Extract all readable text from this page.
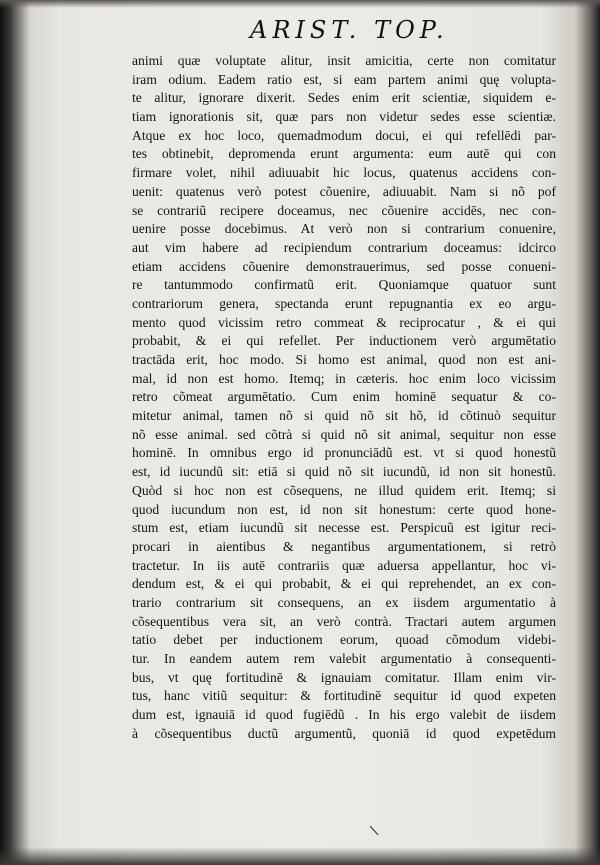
ARIST. TOP.
animi quæ voluptate alitur, insit amicitia, certe non comitatur
iram odium. Eadem ratio est, si eam partem animi quę volupta-
te alitur, ignorare dixerit. Sedes enim erit scientiæ, siquidem e-
tiam ignorationis sit, quæ pars non videtur sedes esse scientiæ.
Atque ex hoc loco, quemadmodum docui, ei qui refellēdi par-
tes obtinebit, depromenda erunt argumenta: eum autē qui con
firmare volet, nihil adiuuabit hic locus, quatenus accidens con-
uenit: quatenus verò potest cõuenire, adiuuabit. Nam si nõ pof
se contrariũ recipere doceamus, nec cõuenire accidēs, nec con-
uenire posse docebimus. At verò non si contrarium conuenire,
aut vim habere ad recipiendum contrarium doceamus: idcirco
etiam accidens cõuenire demonstrauerimus, sed posse conueni-
re tantummodo confirmatũ erit. Quoniamque quatuor sunt
contrariorum genera, spectanda erunt repugnantia ex eo argu-
mento quod vicissim retro commeat & reciprocatur , & ei qui
probabit, & ei qui refellet. Per inductionem verò argumētatio
tractāda erit, hoc modo. Si homo est animal, quod non est ani-
mal, id non est homo. Itemq; in cæteris. hoc enim loco vicissim
retro cõmeat argumētatio. Cum enim hominē sequatur & co-
mitetur animal, tamen nõ si quid nõ sit hõ, id cõtinuò sequitur
nõ esse animal. sed cõtrà si quid nõ sit animal, sequitur non esse
hominē. In omnibus ergo id pronunciādũ est. vt si quod honestũ
est, id iucundũ sit: etiā si quid nõ sit iucundũ, id non sit honestũ.
Quòd si hoc non est cõsequens, ne illud quidem erit. Itemq; si
quod iucundum non est, id non sit honestum: certe quod hone-
stum est, etiam iucundũ sit necesse est. Perspicuũ est igitur reci-
procari in aientibus & negantibus argumentationem, si retrò
tractetur. In iis autē contrariis quæ aduersa appellantur, hoc vi-
dendum est, & ei qui probabit, & ei qui reprehendet, an ex con-
trario contrarium sit consequens, an ex iisdem argumentatio à
cõsequentibus vera sit, an verò contrà. Tractari autem argumen
tatio debet per inductionem eorum, quoad cõmodum videbi-
tur. In eandem autem rem valebit argumentatio à consequenti-
bus, vt quę fortitudinē & ignauiam comitatur. Illam enim vir-
tus, hanc vitiũ sequitur: & fortitudinē sequitur id quod expeten
dum est, ignauiā id quod fugiēdũ . In his ergo valebit de iisdem
à cõsequentibus ductũ argumentũ, quoniā id quod expetēdum
\
